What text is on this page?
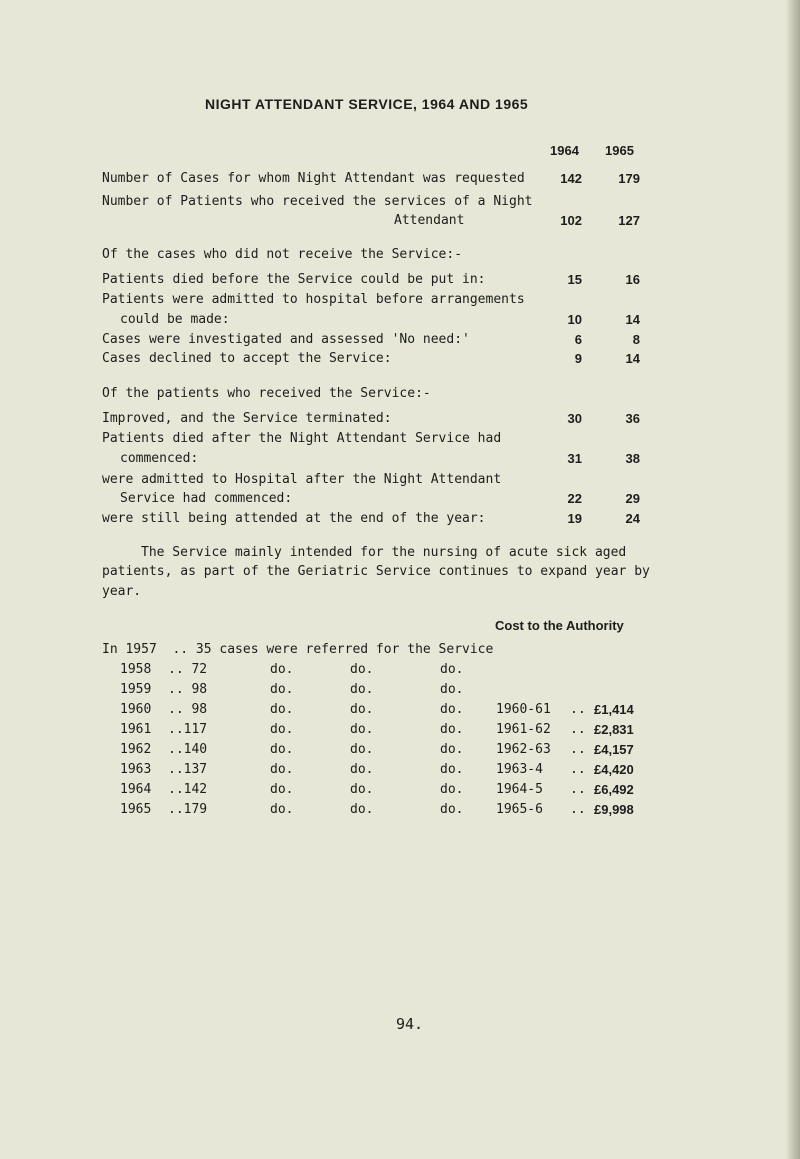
NIGHT ATTENDANT SERVICE, 1964 AND 1965
1964 1965
Number of Cases for whom Night Attendant was requested	142	179
Number of Patients who received the services of a Night
Attendant	102	127
Of the cases who did not receive the Service:-
Patients died before the Service could be put in:	15	16
Patients were admitted to hospital before arrangements
could be made:	10	14
Cases were investigated and assessed 'No need:'	6	8
Cases declined to accept the Service:	9	14
Of the patients who received the Service:-
Improved, and the Service terminated:	30	36
Patients died after the Night Attendant Service had
commenced:	31	38
were admitted to Hospital after the Night Attendant
Service had commenced:	22	29
were still being attended at the end of the year:	19	24
The Service mainly intended for the nursing of acute sick aged
patients, as part of the Geriatric Service continues to expand year by
year.
Cost to the Authority
In 1957  .. 35 cases were referred for the Service
1958 .. 72	do.	do.	do.
1959 .. 98	do.	do.	do.
1960 .. 98	do.	do.	do.	1960-61 .. £1,414
1961 ..117	do.	do.	do.	1961-62 .. £2,831
1962 ..140	do.	do.	do.	1962-63 .. £4,157
1963 ..137	do.	do.	do.	1963-4 .. £4,420
1964 ..142	do.	do.	do.	1964-5 .. £6,492
1965 ..179	do.	do.	do.	1965-6 .. £9,998
94.
